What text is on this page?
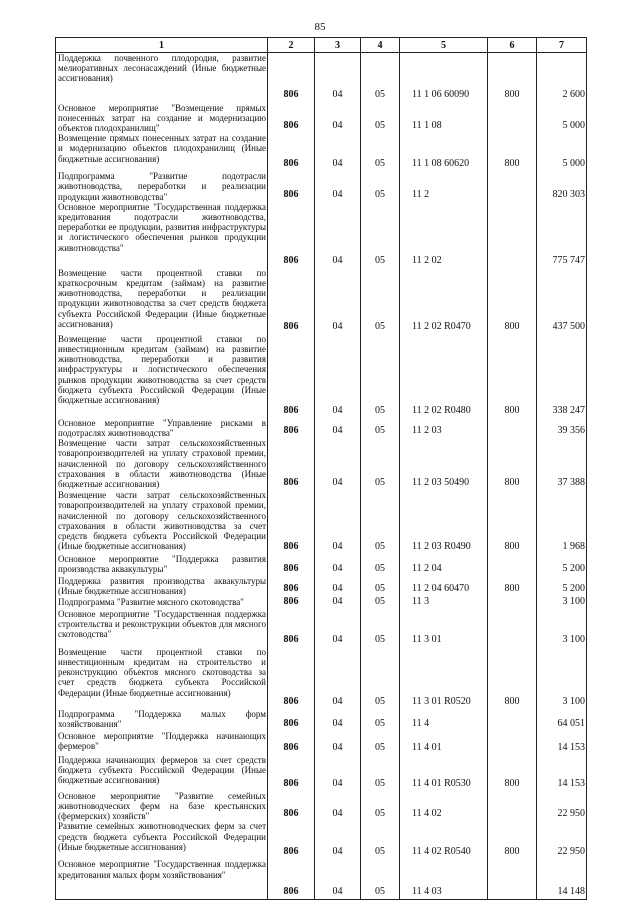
85
1	2	3	4	5	6	7
Поддержка почвенного плодородия, развитие мелиоративных лесонасаждений (Иные бюджетные ассигнования)	806	04	05	11 1 06 60090	800	2 600
Основное мероприятие "Возмещение прямых понесенных затрат на создание и модернизацию объектов плодохранилищ"	806	04	05	11 1 08		5 000
Возмещение прямых понесенных затрат на создание и модернизацию объектов плодохранилищ (Иные бюджетные ассигнования)	806	04	05	11 1 08 60620	800	5 000
Подпрограмма "Развитие подотрасли животноводства, переработки и реализации продукции животноводства"	806	04	05	11 2		820 303
Основное мероприятие "Государственная поддержка кредитования подотрасли животноводства, переработки ее продукции, развития инфраструктуры и логистического обеспечения рынков продукции животноводства"	806	04	05	11 2 02		775 747
Возмещение части процентной ставки по краткосрочным кредитам (займам) на развитие животноводства, переработки и реализации продукции животноводства за счет средств бюджета субъекта Российской Федерации (Иные бюджетные ассигнования)	806	04	05	11 2 02 R0470	800	437 500
Возмещение части процентной ставки по инвестиционным кредитам (займам) на развитие животноводства, переработки и развития инфраструктуры и логистического обеспечения рынков продукции животноводства за счет средств бюджета субъекта Российской Федерации (Иные бюджетные ассигнования)	806	04	05	11 2 02 R0480	800	338 247
Основное мероприятие "Управление рисками в подотраслях животноводства"	806	04	05	11 2 03		39 356
Возмещение части затрат сельскохозяйственных товаропроизводителей на уплату страховой премии, начисленной по договору сельскохозяйственного страхования в области животноводства (Иные бюджетные ассигнования)	806	04	05	11 2 03 50490	800	37 388
Возмещение части затрат сельскохозяйственных товаропроизводителей на уплату страховой премии, начисленной по договору сельскохозяйственного страхования в области животноводства за счет средств бюджета субъекта Российской Федерации (Иные бюджетные ассигнования)	806	04	05	11 2 03 R0490	800	1 968
Основное мероприятие "Поддержка развития производства аквакультуры"	806	04	05	11 2 04		5 200
Поддержка развития производства аквакультуры (Иные бюджетные ассигнования)	806	04	05	11 2 04 60470	800	5 200
Подпрограмма "Развитие мясного скотоводства"	806	04	05	11 3		3 100
Основное мероприятие "Государственная поддержка строительства и реконструкции объектов для мясного скотоводства"	806	04	05	11 3 01		3 100
Возмещение части процентной ставки по инвестиционным кредитам на строительство и реконструкцию объектов мясного скотоводства за счет средств бюджета субъекта Российской Федерации (Иные бюджетные ассигнования)	806	04	05	11 3 01 R0520	800	3 100
Подпрограмма "Поддержка малых форм хозяйствования"	806	04	05	11 4		64 051
Основное мероприятие "Поддержка начинающих фермеров"	806	04	05	11 4 01		14 153
Поддержка начинающих фермеров за счет средств бюджета субъекта Российской Федерации (Иные бюджетные ассигнования)	806	04	05	11 4 01 R0530	800	14 153
Основное мероприятие "Развитие семейных животноводческих ферм на базе крестьянских (фермерских) хозяйств"	806	04	05	11 4 02		22 950
Развитие семейных животноводческих ферм за счет средств бюджета субъекта Российской Федерации (Иные бюджетные ассигнования)	806	04	05	11 4 02 R0540	800	22 950
Основное мероприятие "Государственная поддержка кредитования малых форм хозяйствования"	806	04	05	11 4 03		14 148
